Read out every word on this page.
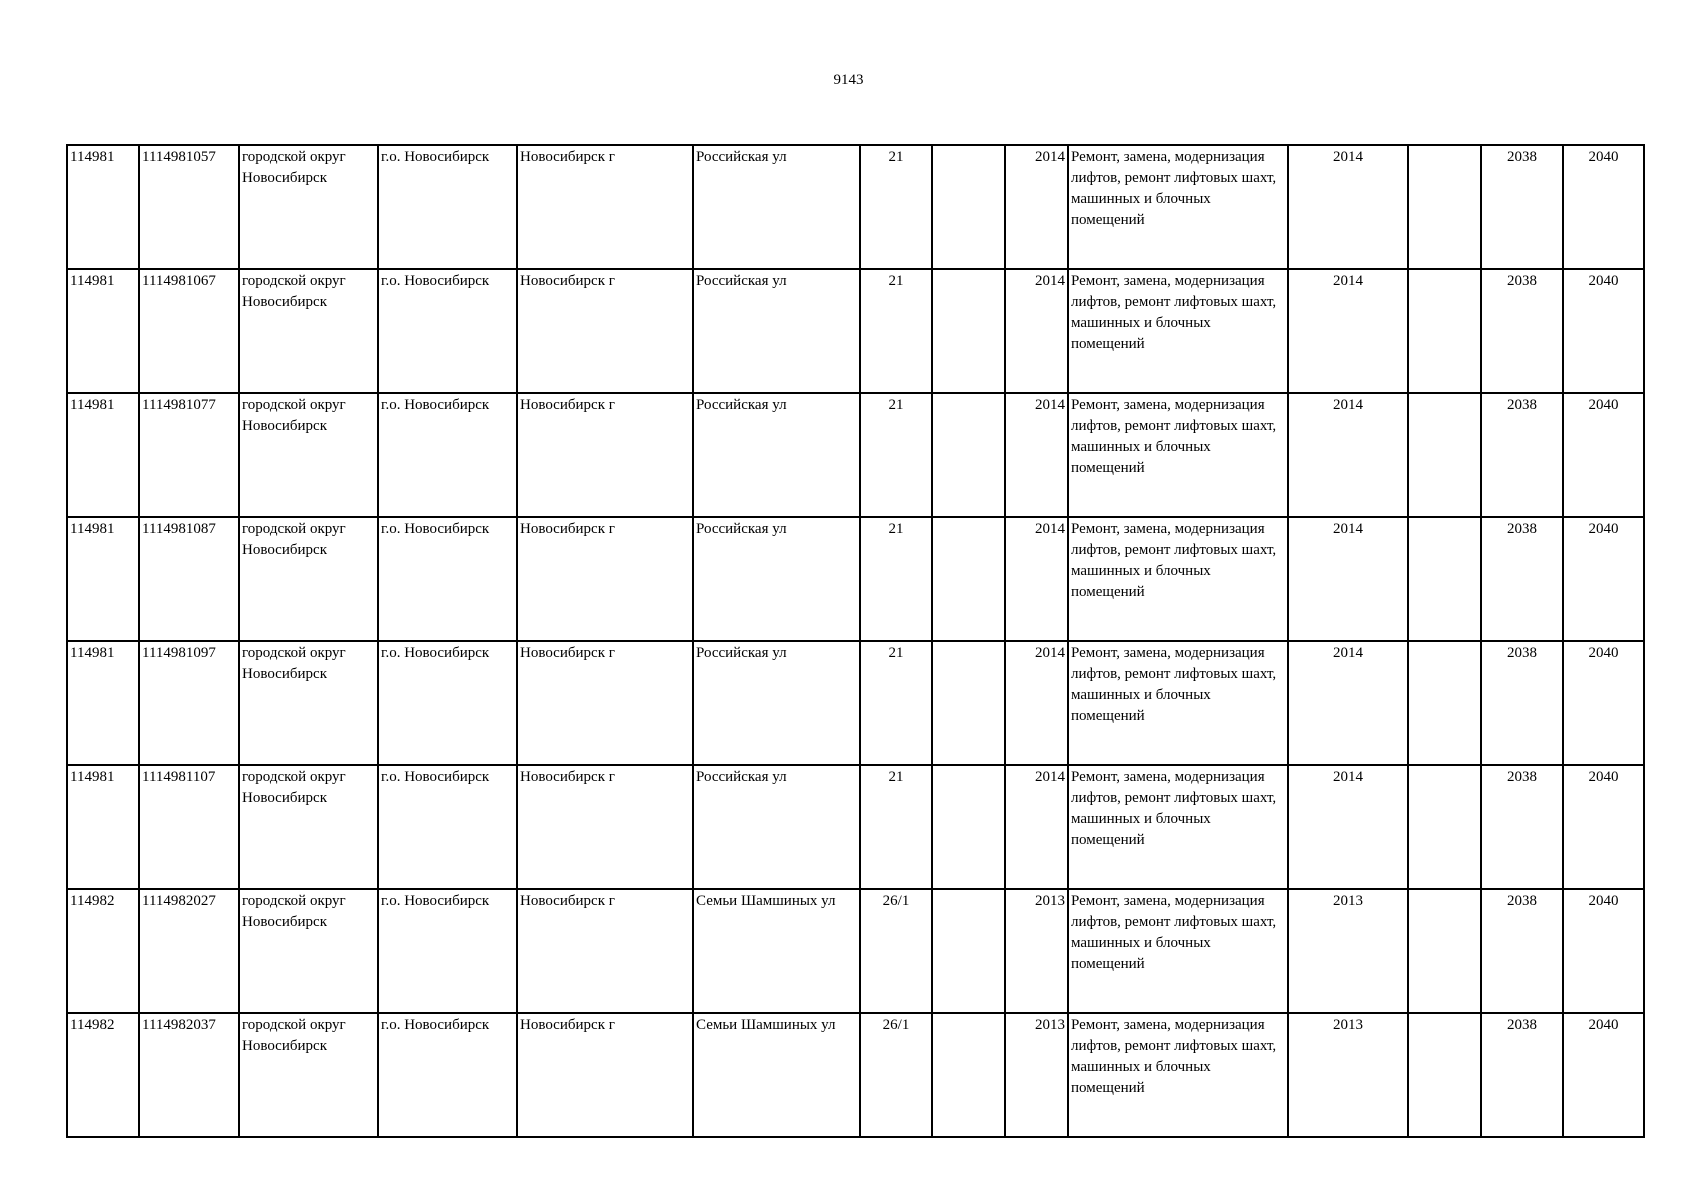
9143
114981	1114981057	городской округ Новосибирск	г.о. Новосибирск	Новосибирск г	Российская ул	21		2014	Ремонт, замена, модернизация лифтов, ремонт лифтовых шахт, машинных и блочных помещений	2014		2038	2040
114981	1114981067	городской округ Новосибирск	г.о. Новосибирск	Новосибирск г	Российская ул	21		2014	Ремонт, замена, модернизация лифтов, ремонт лифтовых шахт, машинных и блочных помещений	2014		2038	2040
114981	1114981077	городской округ Новосибирск	г.о. Новосибирск	Новосибирск г	Российская ул	21		2014	Ремонт, замена, модернизация лифтов, ремонт лифтовых шахт, машинных и блочных помещений	2014		2038	2040
114981	1114981087	городской округ Новосибирск	г.о. Новосибирск	Новосибирск г	Российская ул	21		2014	Ремонт, замена, модернизация лифтов, ремонт лифтовых шахт, машинных и блочных помещений	2014		2038	2040
114981	1114981097	городской округ Новосибирск	г.о. Новосибирск	Новосибирск г	Российская ул	21		2014	Ремонт, замена, модернизация лифтов, ремонт лифтовых шахт, машинных и блочных помещений	2014		2038	2040
114981	1114981107	городской округ Новосибирск	г.о. Новосибирск	Новосибирск г	Российская ул	21		2014	Ремонт, замена, модернизация лифтов, ремонт лифтовых шахт, машинных и блочных помещений	2014		2038	2040
114982	1114982027	городской округ Новосибирск	г.о. Новосибирск	Новосибирск г	Семьи Шамшиных ул	26/1		2013	Ремонт, замена, модернизация лифтов, ремонт лифтовых шахт, машинных и блочных помещений	2013		2038	2040
114982	1114982037	городской округ Новосибирск	г.о. Новосибирск	Новосибирск г	Семьи Шамшиных ул	26/1		2013	Ремонт, замена, модернизация лифтов, ремонт лифтовых шахт, машинных и блочных помещений	2013		2038	2040
